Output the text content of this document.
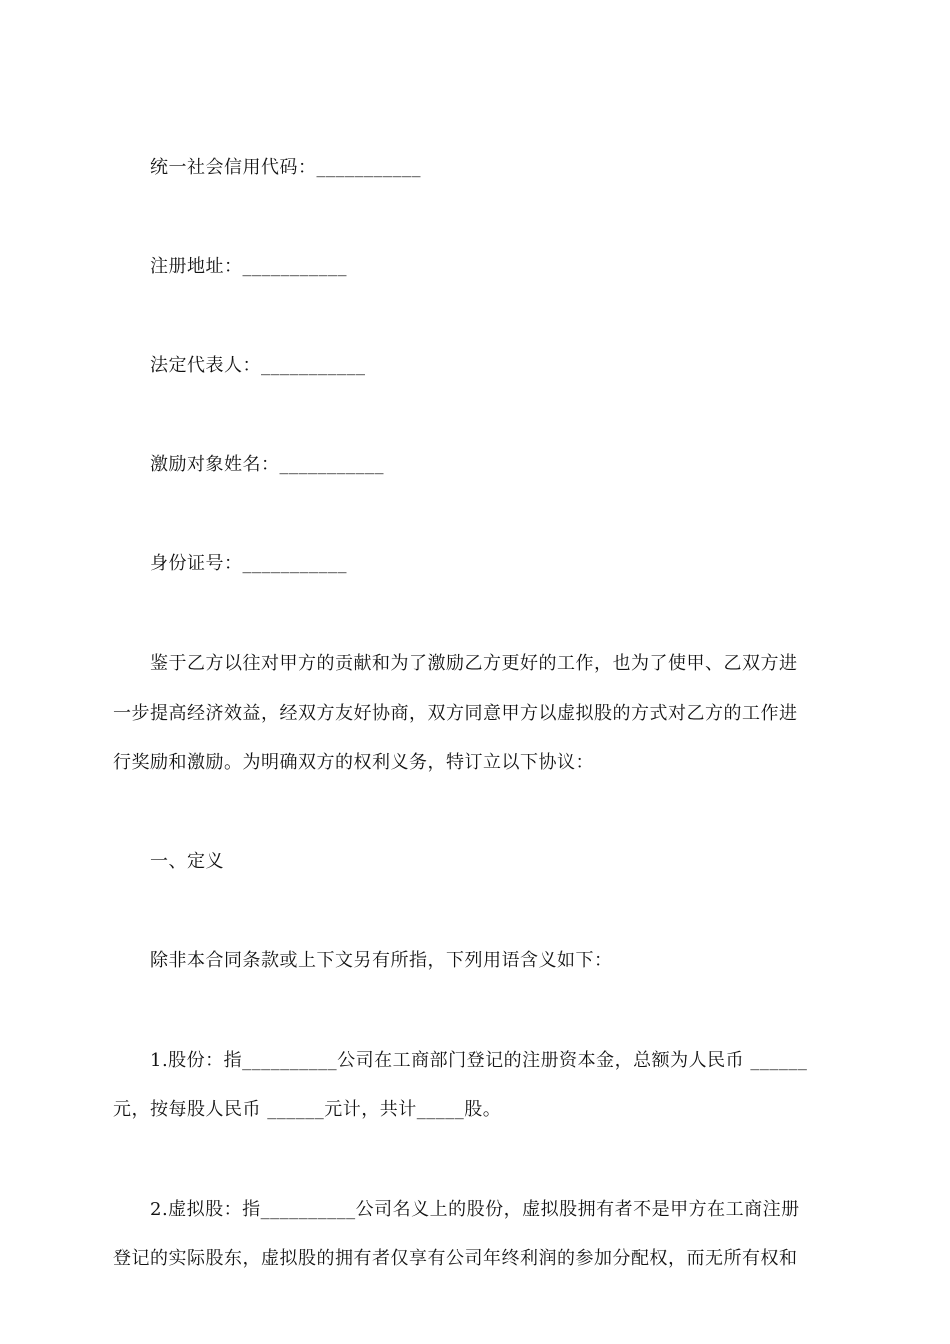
统一社会信用代码：___________
注册地址：___________
法定代表人：___________
激励对象姓名：___________
身份证号：___________
鉴于乙方以往对甲方的贡献和为了激励乙方更好的工作，也为了使甲、乙双方进
一步提高经济效益，经双方友好协商，双方同意甲方以虚拟股的方式对乙方的工作进
行奖励和激励。为明确双方的权利义务，特订立以下协议：
一、定义
除非本合同条款或上下文另有所指，下列用语含义如下：
1.股份：指__________公司在工商部门登记的注册资本金，总额为人民币 ______
元，按每股人民币 ______元计，共计_____股。
2.虚拟股：指__________公司名义上的股份，虚拟股拥有者不是甲方在工商注册
登记的实际股东，虚拟股的拥有者仅享有公司年终利润的参加分配权，而无所有权和
